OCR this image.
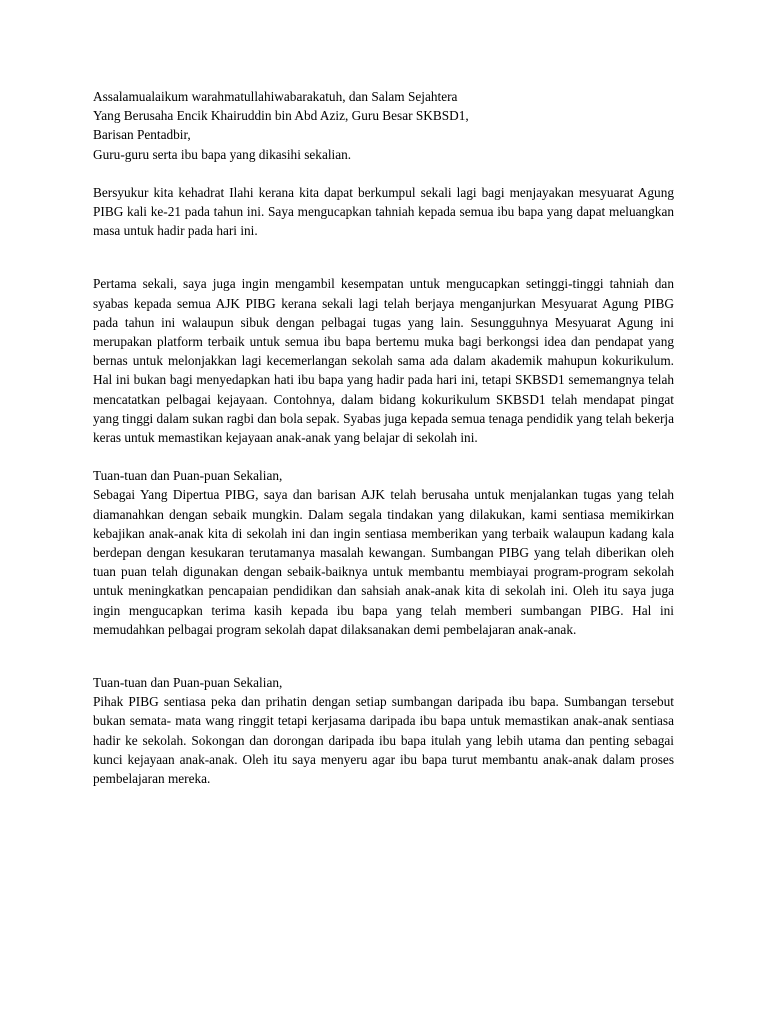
Assalamualaikum warahmatullahiwabarakatuh, dan Salam Sejahtera
Yang Berusaha Encik Khairuddin bin Abd Aziz, Guru Besar SKBSD1,
Barisan Pentadbir,
Guru-guru serta ibu bapa yang dikasihi sekalian.

Bersyukur kita kehadrat Ilahi kerana kita dapat berkumpul sekali lagi bagi menjayakan mesyuarat Agung PIBG kali ke-21 pada tahun ini. Saya mengucapkan tahniah kepada semua ibu bapa yang dapat meluangkan masa untuk hadir pada hari ini.

Pertama sekali, saya juga ingin mengambil kesempatan untuk mengucapkan setinggi-tinggi tahniah dan syabas kepada semua AJK PIBG kerana sekali lagi telah berjaya menganjurkan Mesyuarat Agung PIBG pada tahun ini walaupun sibuk dengan pelbagai tugas yang lain. Sesungguhnya Mesyuarat Agung ini merupakan platform terbaik untuk semua ibu bapa bertemu muka bagi berkongsi idea dan pendapat yang bernas untuk melonjakkan lagi kecemerlangan sekolah sama ada dalam akademik mahupun kokurikulum. Hal ini bukan bagi menyedapkan hati ibu bapa yang hadir pada hari ini, tetapi SKBSD1 sememangnya telah mencatatkan pelbagai kejayaan. Contohnya, dalam bidang kokurikulum SKBSD1 telah mendapat pingat yang tinggi dalam sukan ragbi dan bola sepak. Syabas juga kepada semua tenaga pendidik yang telah bekerja keras untuk memastikan kejayaan anak-anak yang belajar di sekolah ini.

Tuan-tuan dan Puan-puan Sekalian,

Sebagai Yang Dipertua PIBG, saya dan barisan AJK telah berusaha untuk menjalankan tugas yang telah diamanahkan dengan sebaik mungkin. Dalam segala tindakan yang dilakukan, kami sentiasa memikirkan kebajikan anak-anak kita di sekolah ini dan ingin sentiasa memberikan yang terbaik walaupun kadang kala berdepan dengan kesukaran terutamanya masalah kewangan. Sumbangan PIBG yang telah diberikan oleh tuan puan telah digunakan dengan sebaik-baiknya untuk membantu membiayai program-program sekolah untuk meningkatkan pencapaian pendidikan dan sahsiah anak-anak kita di sekolah ini. Oleh itu saya juga ingin mengucapkan terima kasih kepada ibu bapa yang telah memberi sumbangan PIBG. Hal ini memudahkan pelbagai program sekolah dapat dilaksanakan demi pembelajaran anak-anak.

Tuan-tuan dan Puan-puan Sekalian,

Pihak PIBG sentiasa peka dan prihatin dengan setiap sumbangan daripada ibu bapa. Sumbangan tersebut bukan semata- mata wang ringgit tetapi kerjasama daripada ibu bapa untuk memastikan anak-anak sentiasa hadir ke sekolah. Sokongan dan dorongan daripada ibu bapa itulah yang lebih utama dan penting sebagai kunci kejayaan anak-anak. Oleh itu saya menyeru agar ibu bapa turut membantu anak-anak dalam proses pembelajaran mereka.
